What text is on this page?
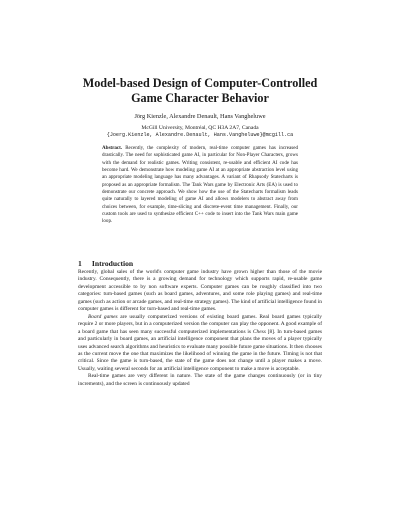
Model-based Design of Computer-Controlled
Game Character Behavior

Jörg Kienzle, Alexandre Denault, Hans Vangheluwe

McGill University, Montréal, QC H3A 2A7, Canada
{Joerg.Kienzle, Alexandre.Denault, Hans.Vangheluwe}@mcgill.ca

Abstract. Recently, the complexity of modern, real-time computer games has increased drastically. The need for sophisticated game AI, in particular for Non-Player Characters, grows with the demand for realistic games. Writing consistent, re-usable and efficient AI code has become hard. We demonstrate how modeling game AI at an appropriate abstraction level using an appropriate modeling language has many advantages. A variant of Rhapsody Statecharts is proposed as an appropriate formalism. The Tank Wars game by Electronic Arts (EA) is used to demonstrate our concrete approach. We show how the use of the Statecharts formalism leads quite naturally to layered modeling of game AI and allows modelers to abstract away from choices between, for example, time-slicing and discrete-event time management. Finally, our custom tools are used to synthesize efficient C++ code to insert into the Tank Wars main game loop.

1 Introduction

Recently, global sales of the world's computer game industry have grown higher than those of the movie industry. Consequently, there is a growing demand for technology which supports rapid, re-usable game development accessible to by non software experts. Computer games can be roughly classified into two categories: turn-based games (such as board games, adventures, and some role playing games) and real-time games (such as action or arcade games, and real-time strategy games). The kind of artificial intelligence found in computer games is different for turn-based and real-time games.

Board games are usually computerized versions of existing board games. Real board games typically require 2 or more players, but in a computerized version the computer can play the opponent. A good example of a board game that has seen many successful computerized implementations is Chess [8]. In turn-based games and particularly in board games, an artificial intelligence component that plans the moves of a player typically uses advanced search algorithms and heuristics to evaluate many possible future game situations. It then chooses as the current move the one that maximizes the likelihood of winning the game in the future. Timing is not that critical. Since the game is turn-based, the state of the game does not change until a player makes a move. Usually, waiting several seconds for an artificial intelligence component to make a move is acceptable.

Real-time games are very different in nature. The state of the game changes continuously (or in tiny increments), and the screen is continuously updated
